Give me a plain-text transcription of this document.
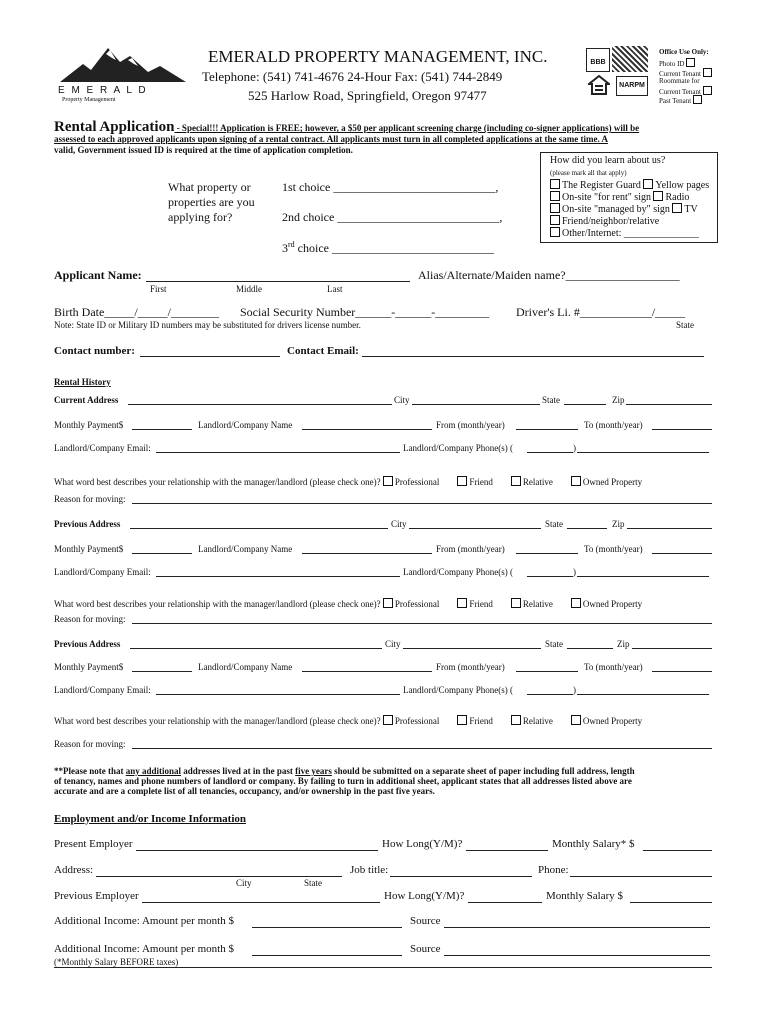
E M E R A L D
Property Management
EMERALD PROPERTY MANAGEMENT, INC.
Telephone: (541) 741-4676 24-Hour Fax: (541) 744-2849
525 Harlow Road, Springfield, Oregon 97477
BBB
NARPM
Office Use Only:
Photo ID
Current Tenant
Roommate for
Current Tenant
Past Tenant
Rental Application - Special!!! Application is FREE; however, a $50 per applicant screening charge (including co-signer applications) will be
assessed to each approved applicants upon signing of a rental contract. All applicants must turn in all completed applications at the same time. A
valid, Government issued ID is required at the time of application completion.
What property or
properties are you
applying for?
1st choice ___________________________,
2nd choice ___________________________,
3rd choice ___________________________
How did you learn about us?
(please mark all that apply)
The Register Guard Yellow pages
On-site "for rent" sign Radio
On-site "managed by" sign TV
Friend/neighbor/relative
Other/Internet: _______________
Applicant Name:	Alias/Alternate/Maiden name?___________________
First	Middle	Last
Birth Date_____/_____/________ Social Security Number______-______-_________ Driver's Li. #____________/_____
Note: State ID or Military ID numbers may be substituted for drivers license number.	State
Contact number:	Contact Email:
Rental History
Current Address	City	State	Zip
Monthly Payment$	Landlord/Company Name	From (month/year)	To (month/year)
Landlord/Company Email:	Landlord/Company Phone(s) (	)
What word best describes your relationship with the manager/landlord (please check one)? Professional	Friend	Relative	Owned Property
Reason for moving:
Previous Address	City	State	Zip
Monthly Payment$	Landlord/Company Name	From (month/year)	To (month/year)
Landlord/Company Email:	Landlord/Company Phone(s) (	)
What word best describes your relationship with the manager/landlord (please check one)? Professional	Friend	Relative	Owned Property
Reason for moving:
Previous Address	City	State	Zip
Monthly Payment$	Landlord/Company Name	From (month/year)	To (month/year)
Landlord/Company Email:	Landlord/Company Phone(s) (	)
What word best describes your relationship with the manager/landlord (please check one)? Professional	Friend	Relative	Owned Property
Reason for moving:
**Please note that any additional addresses lived at in the past five years should be submitted on a separate sheet of paper including full address, length
of tenancy, names and phone numbers of landlord or company. By failing to turn in additional sheet, applicant states that all addresses listed above are
accurate and are a complete list of all tenancies, occupancy, and/or ownership in the past five years.
Employment and/or Income Information
Present Employer	How Long(Y/M)?	Monthly Salary* $
Address:	Job title:	Phone:
City	State
Previous Employer	How Long(Y/M)?	Monthly Salary $
Additional Income: Amount per month $	Source
Additional Income: Amount per month $	Source
(*Monthly Salary BEFORE taxes)
